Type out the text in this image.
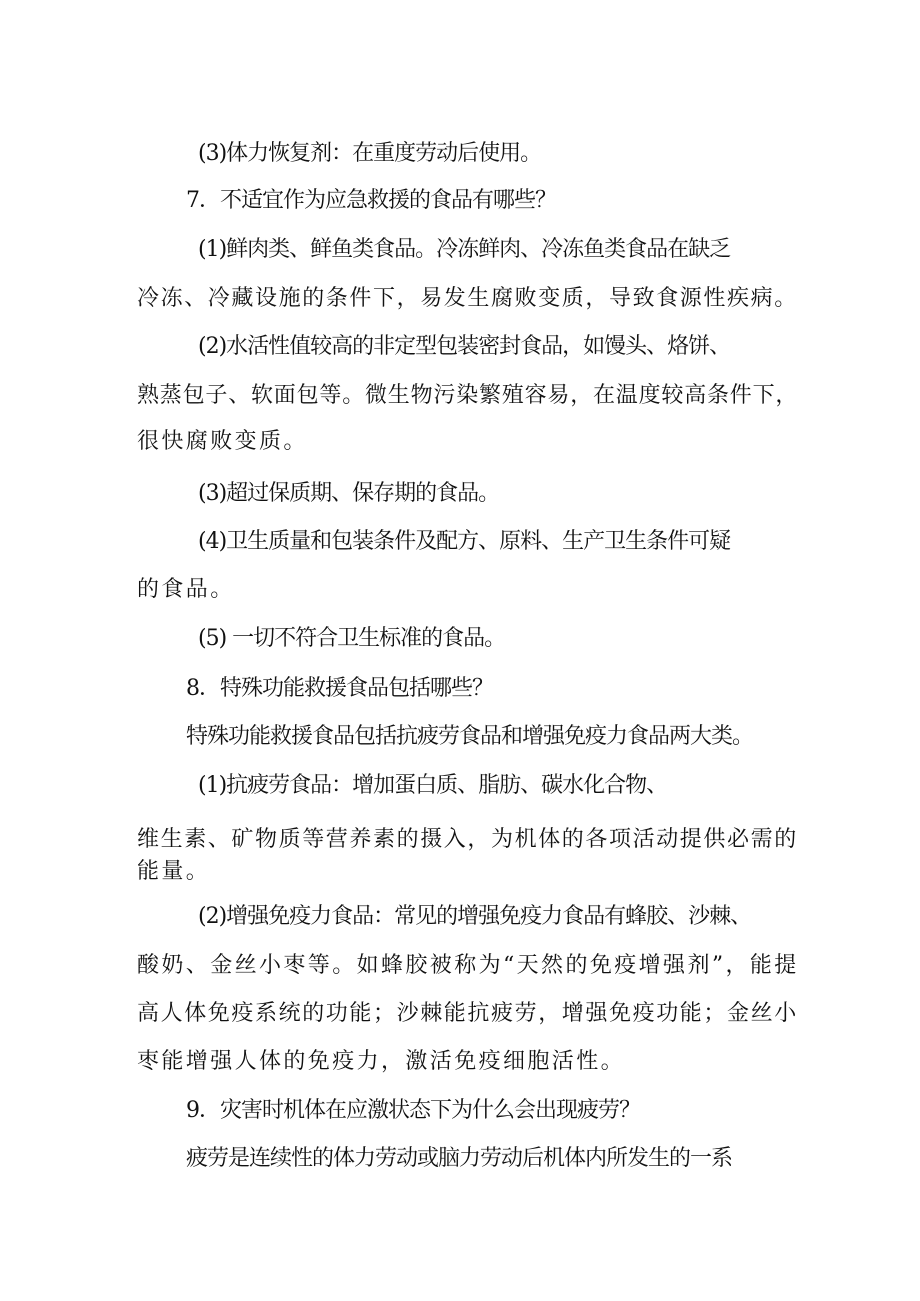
(3)体力恢复剂：在重度劳动后使用。
7．不适宜作为应急救援的食品有哪些？
(1)鲜肉类、鲜鱼类食品。冷冻鲜肉、冷冻鱼类食品在缺乏
冷冻、冷藏设施的条件下，易发生腐败变质，导致食源性疾病。
(2)水活性值较高的非定型包装密封食品，如馒头、烙饼、
熟蒸包子、软面包等。微生物污染繁殖容易，在温度较高条件下，
很快腐败变质。
(3)超过保质期、保存期的食品。
(4)卫生质量和包装条件及配方、原料、生产卫生条件可疑
的食品。
(5) 一切不符合卫生标准的食品。
8．特殊功能救援食品包括哪些？
特殊功能救援食品包括抗疲劳食品和增强免疫力食品两大类。
(1)抗疲劳食品：增加蛋白质、脂肪、碳水化合物、
维生素、矿物质等营养素的摄入，为机体的各项活动提供必需的
能量。
(2)增强免疫力食品：常见的增强免疫力食品有蜂胶、沙棘、
酸奶、金丝小枣等。如蜂胶被称为“天然的免疫增强剂”，能提
高人体免疫系统的功能；沙棘能抗疲劳，增强免疫功能；金丝小
枣能增强人体的免疫力，激活免疫细胞活性。
9．灾害时机体在应激状态下为什么会出现疲劳？
疲劳是连续性的体力劳动或脑力劳动后机体内所发生的一系
